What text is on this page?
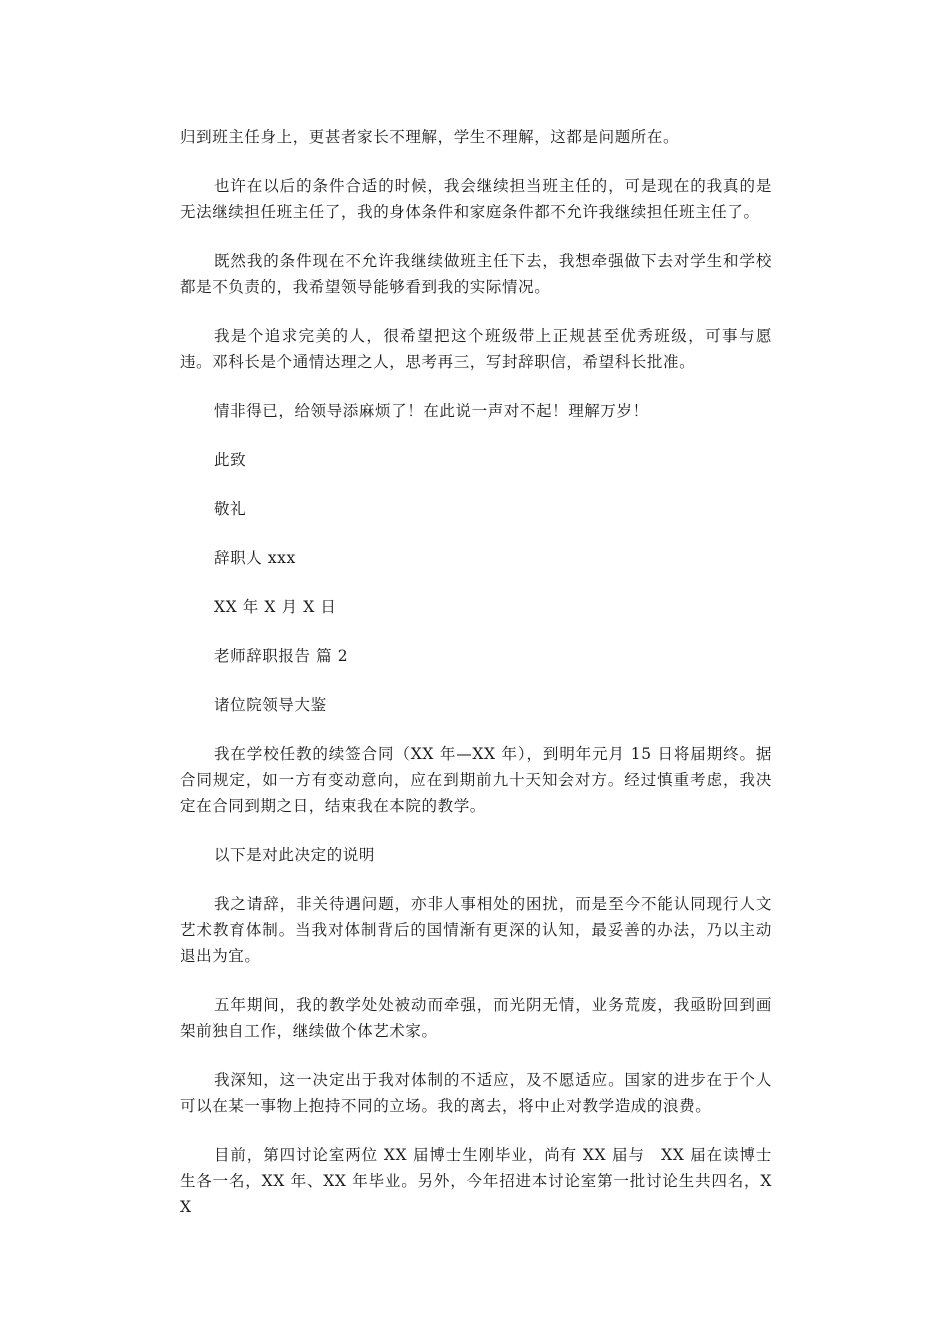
归到班主任身上，更甚者家长不理解，学生不理解，这都是问题所在。

也许在以后的条件合适的时候，我会继续担当班主任的，可是现在的我真的是无法继续担任班主任了，我的身体条件和家庭条件都不允许我继续担任班主任了。

既然我的条件现在不允许我继续做班主任下去，我想牵强做下去对学生和学校都是不负责的，我希望领导能够看到我的实际情况。

我是个追求完美的人，很希望把这个班级带上正规甚至优秀班级，可事与愿违。邓科长是个通情达理之人，思考再三，写封辞职信，希望科长批准。

情非得已，给领导添麻烦了！在此说一声对不起！理解万岁！

此致

敬礼

辞职人 xxx

XX 年 X 月 X 日

老师辞职报告 篇 2

诸位院领导大鉴

我在学校任教的续签合同（XX 年—XX 年），到明年元月 15 日将届期终。据合同规定，如一方有变动意向，应在到期前九十天知会对方。经过慎重考虑，我决定在合同到期之日，结束我在本院的教学。

以下是对此决定的说明

我之请辞，非关待遇问题，亦非人事相处的困扰，而是至今不能认同现行人文艺术教育体制。当我对体制背后的国情渐有更深的认知，最妥善的办法，乃以主动退出为宜。

五年期间，我的教学处处被动而牵强，而光阴无情，业务荒废，我亟盼回到画架前独自工作，继续做个体艺术家。

我深知，这一决定出于我对体制的不适应，及不愿适应。国家的进步在于个人可以在某一事物上抱持不同的立场。我的离去，将中止对教学造成的浪费。

目前，第四讨论室两位 XX 届博士生刚毕业，尚有 XX 届与　XX 届在读博士生各一名，XX 年、XX 年毕业。另外，今年招进本讨论室第一批讨论生共四名，XX
